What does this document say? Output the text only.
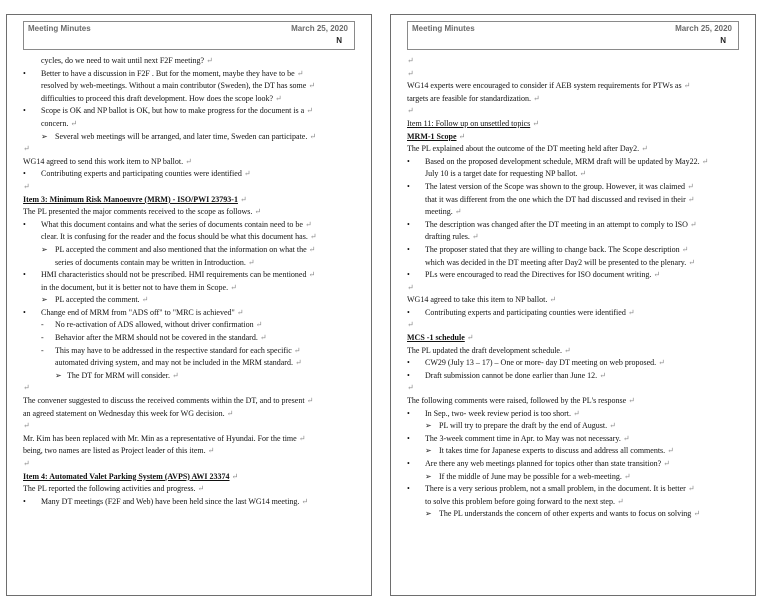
Meeting Minutes	March 25, 2020
N
cycles, do we need to wait until next F2F meeting? ↵
• Better to have a discussion in F2F . But for the moment, maybe they have to be ↵
resolved by web-meetings. Without a main contributor (Sweden), the DT has some ↵
difficulties to proceed this draft development. How does the scope look? ↵
• Scope is OK and NP ballot is OK, but how to make progress for the document is a ↵
concern. ↵
➢ Several web meetings will be arranged, and later time, Sweden can participate. ↵
↵
WG14 agreed to send this work item to NP ballot. ↵
• Contributing experts and participating counties were identified ↵
↵
Item 3: Minimum Risk Manoeuvre (MRM) - ISO/PWI 23793-1 ↵
The PL presented the major comments received to the scope as follows. ↵
• What this document contains and what the series of documents contain need to be ↵
clear. It is confusing for the reader and the focus should be what this document has. ↵
➢ PL accepted the comment and also mentioned that the information on what the ↵
series of documents contain may be written in Introduction. ↵
• HMI characteristics should not be prescribed. HMI requirements can be mentioned ↵
in the document, but it is better not to have them in Scope. ↵
➢ PL accepted the comment. ↵
• Change end of MRM from "ADS off" to "MRC is achieved" ↵
- No re-activation of ADS allowed, without driver confirmation ↵
- Behavior after the MRM should not be covered in the standard. ↵
- This may have to be addressed in the respective standard for each specific ↵
automated driving system, and may not be included in the MRM standard. ↵
➢ The DT for MRM will consider. ↵
↵
The convener suggested to discuss the received comments within the DT, and to present ↵
an agreed statement on Wednesday this week for WG decision. ↵
↵
Mr. Kim has been replaced with Mr. Min as a representative of Hyundai. For the time ↵
being, two names are listed as Project leader of this item. ↵
↵
Item 4: Automated Valet Parking System (AVPS) AWI 23374 ↵
The PL reported the following activities and progress. ↵
• Many DT meetings (F2F and Web) have been held since the last WG14 meeting. ↵
Meeting Minutes	March 25, 2020
N
↵
↵
WG14 experts were encouraged to consider if AEB system requirements for PTWs as ↵
targets are feasible for standardization. ↵
↵
Item 11: Follow up on unsettled topics ↵
MRM-1 Scope ↵
The PL explained about the outcome of the DT meeting held after Day2. ↵
• Based on the proposed development schedule, MRM draft will be updated by May22. ↵
July 10 is a target date for requesting NP ballot. ↵
• The latest version of the Scope was shown to the group. However, it was claimed ↵
that it was different from the one which the DT had discussed and revised in their ↵
meeting. ↵
• The description was changed after the DT meeting in an attempt to comply to ISO ↵
drafting rules. ↵
• The proposer stated that they are willing to change back. The Scope description ↵
which was decided in the DT meeting after Day2 will be presented to the plenary. ↵
• PLs were encouraged to read the Directives for ISO document writing. ↵
↵
WG14 agreed to take this item to NP ballot. ↵
• Contributing experts and participating counties were identified ↵
↵
MCS -1 schedule ↵
The PL updated the draft development schedule. ↵
• CW29 (July 13 – 17) – One or more- day DT meeting on web proposed. ↵
• Draft submission cannot be done earlier than June 12. ↵
↵
The following comments were raised, followed by the PL's response ↵
• In Sep., two- week review period is too short. ↵
➢ PL will try to prepare the draft by the end of August. ↵
• The 3-week comment time in Apr. to May was not necessary. ↵
➢ It takes time for Japanese experts to discuss and address all comments. ↵
• Are there any web meetings planned for topics other than state transition? ↵
➢ If the middle of June may be possible for a web-meeting. ↵
• There is a very serious problem, not a small problem, in the document. It is better ↵
to solve this problem before going forward to the next step. ↵
➢ The PL understands the concern of other experts and wants to focus on solving ↵
